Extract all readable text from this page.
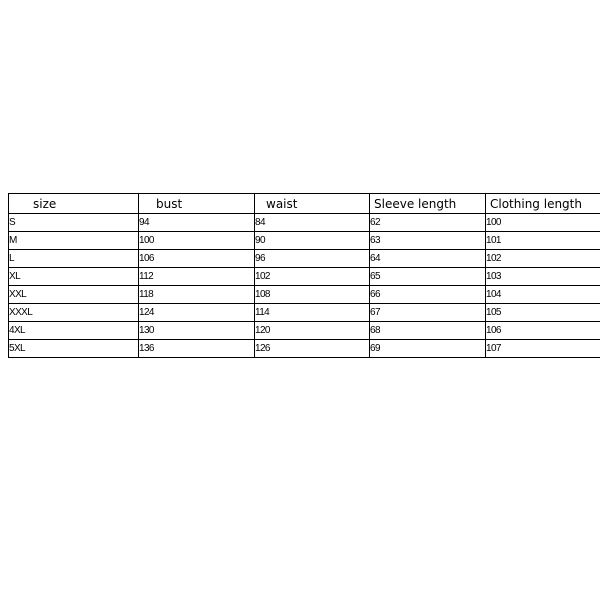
size	bust	waist	Sleeve length	Clothing length
S	94	84	62	100
M	100	90	63	101
L	106	96	64	102
XL	112	102	65	103
XXL	118	108	66	104
XXXL	124	114	67	105
4XL	130	120	68	106
5XL	136	126	69	107
